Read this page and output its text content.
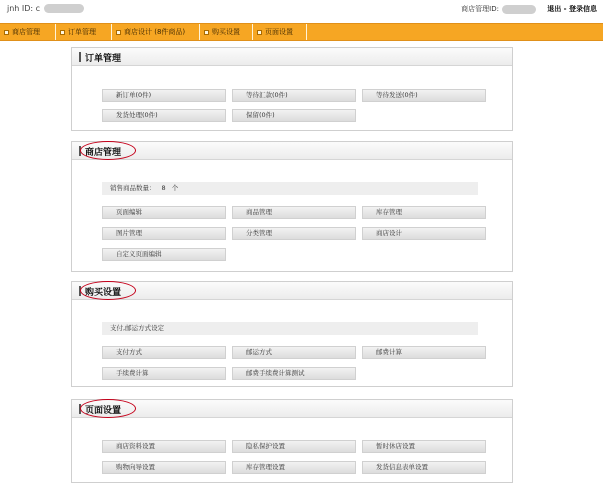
jnh ID: c	商店管理ID:	退出 - 登录信息
商店管理	订单管理	商店设计 (8件商品)	购买设置	页面设置
订单管理
新订单(0件)	等待汇款(0件)	等待发送(0件)
发货处理(0件)	保留(0件)
商店管理
销售商品数量： 8 个
页面编辑	商品管理	库存管理
图片管理	分类管理	商店设计
自定义页面编辑
购买设置
支付,邮运方式设定
支付方式	邮运方式	邮费计算
手续费计算	邮费手续费计算测试
页面设置
商店资料设置	隐私保护设置	暂时休店设置
购物向导设置	库存管理设置	发货信息表单设置
